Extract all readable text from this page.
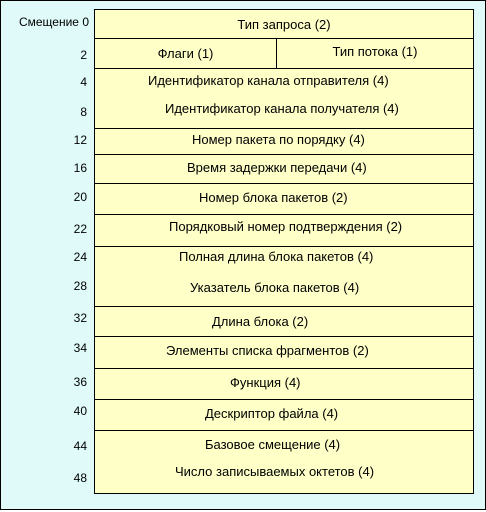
Смещение 0
2
4
8
12
16
20
22
24
28
32
34
36
40
44
48
Тип запроса (2)
Флаги (1)	Тип потока (1)
Идентификатор канала отправителя (4)
Идентификатор канала получателя (4)
Номер пакета по порядку (4)
Время задержки передачи (4)
Номер блока пакетов (2)
Порядковый номер подтверждения (2)
Полная длина блока пакетов (4)
Указатель блока пакетов (4)
Длина блока (2)
Элементы списка фрагментов (2)
Функция (4)
Дескриптор файла (4)
Базовое смещение (4)
Число записываемых октетов (4)
